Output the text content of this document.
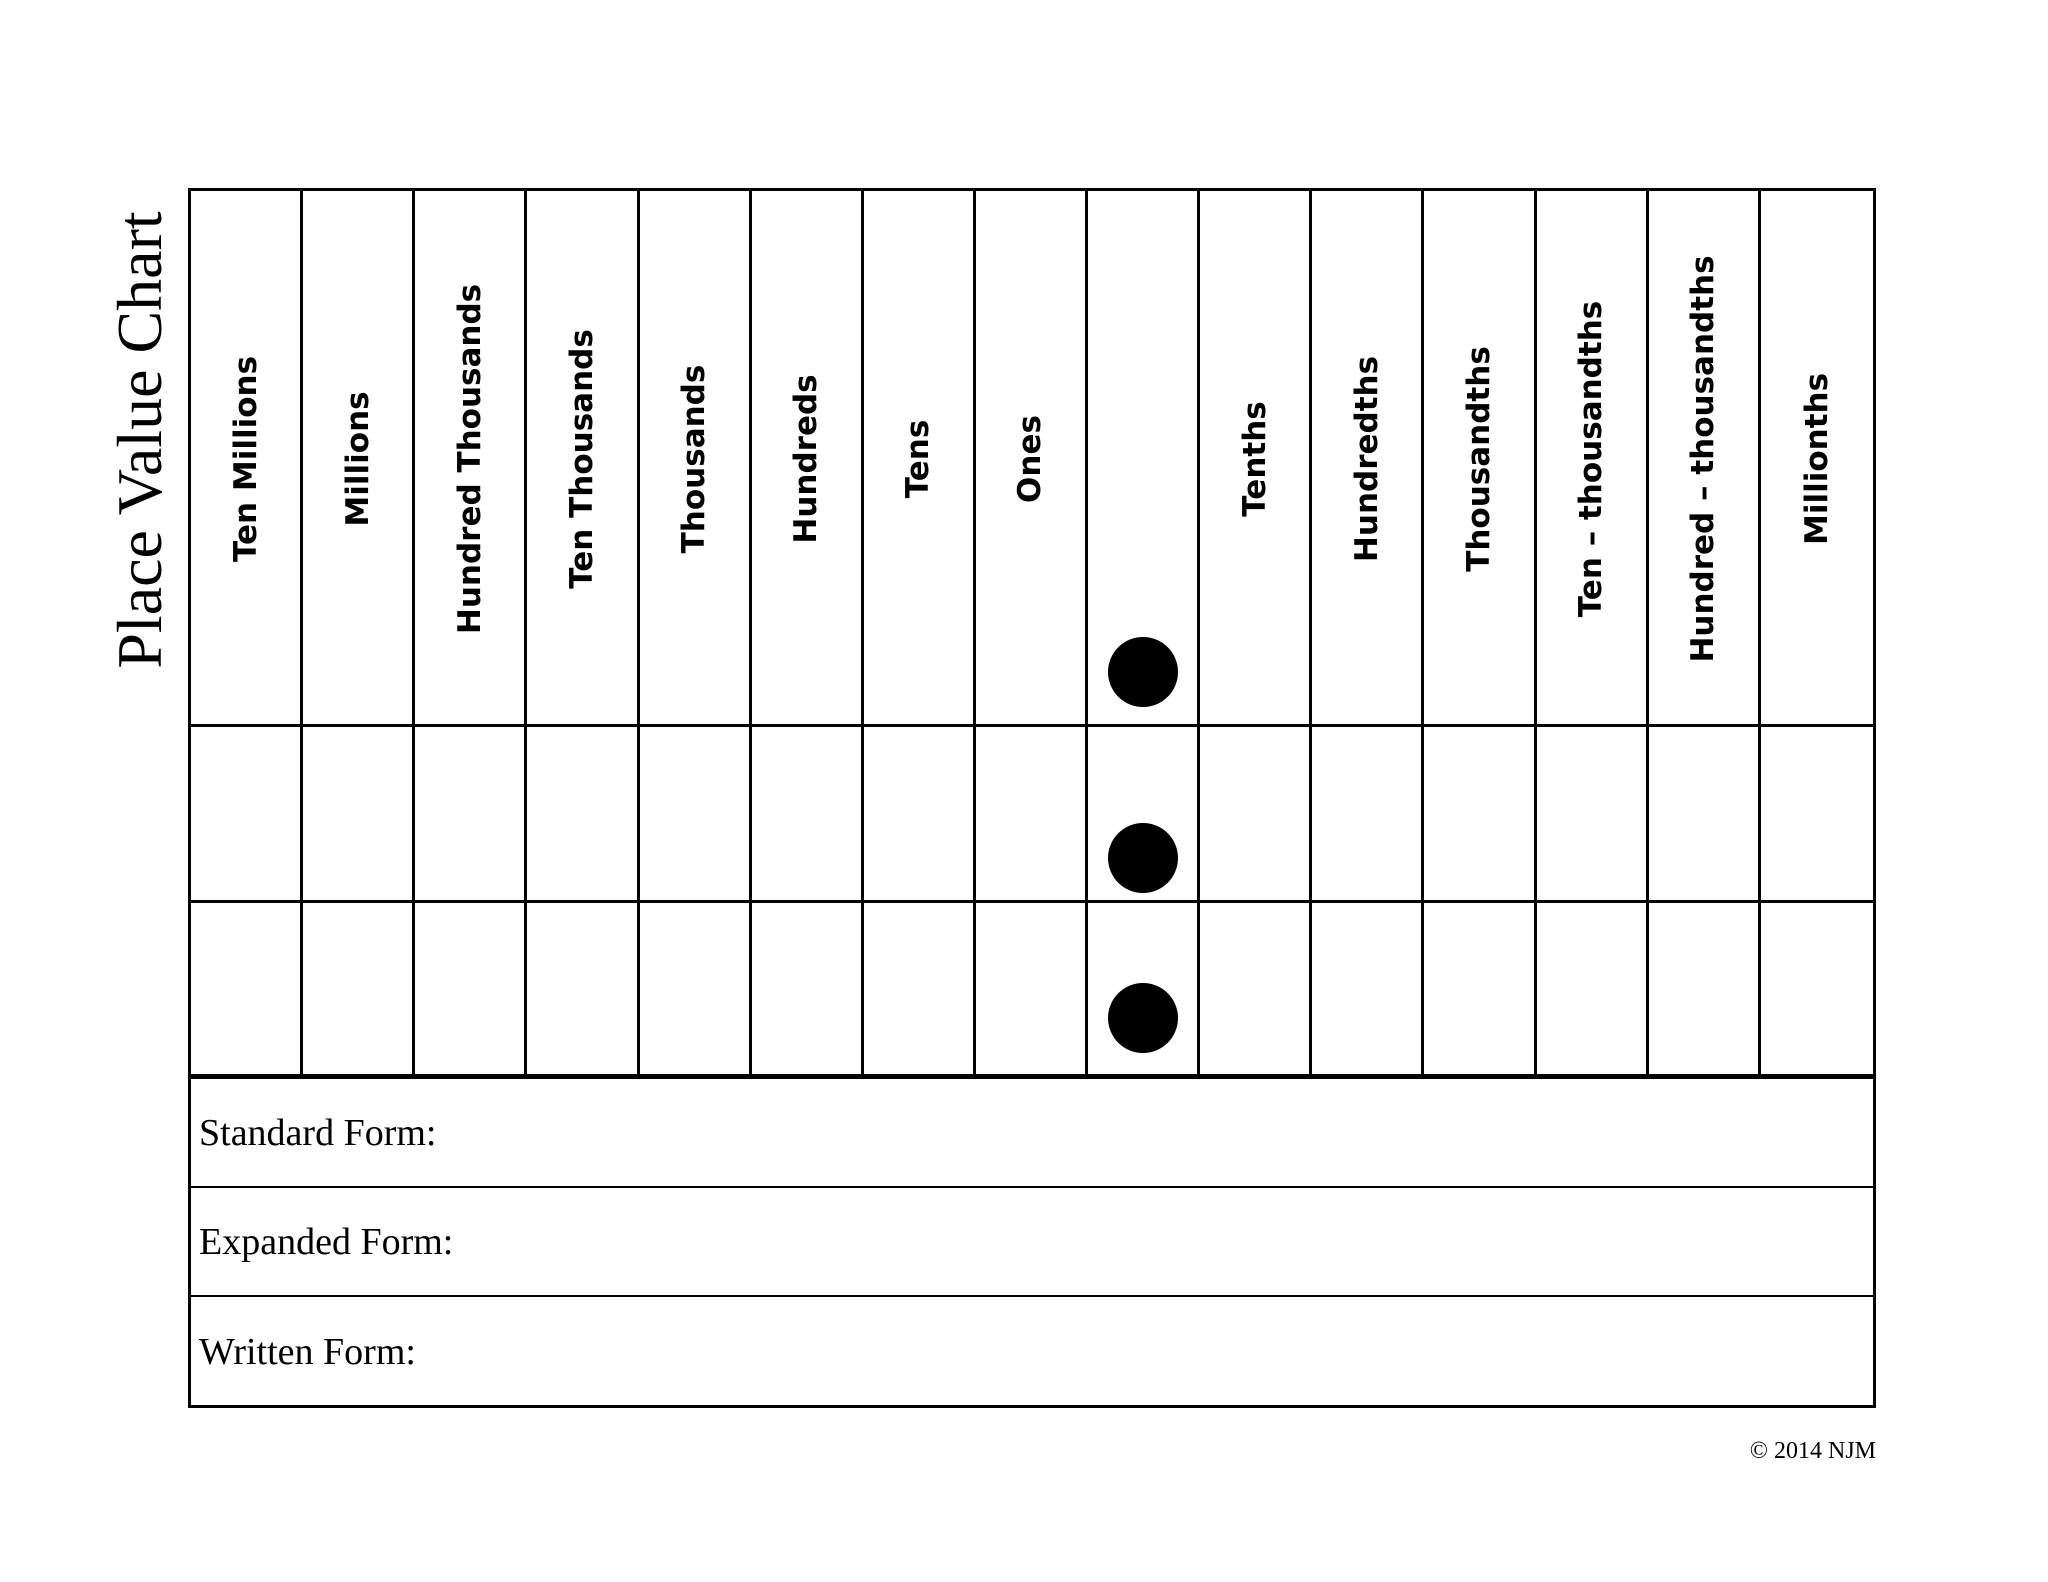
Place Value Chart Ten Millions Millions Hundred Thousands Ten Thousands Thousands Hundreds Tens Ones	Tenths Hundredths Thousandths Ten – thousandths Hundred – thousandths	Millionths
Standard Form:
Expanded Form:
Written Form:
© 2014 NJM
